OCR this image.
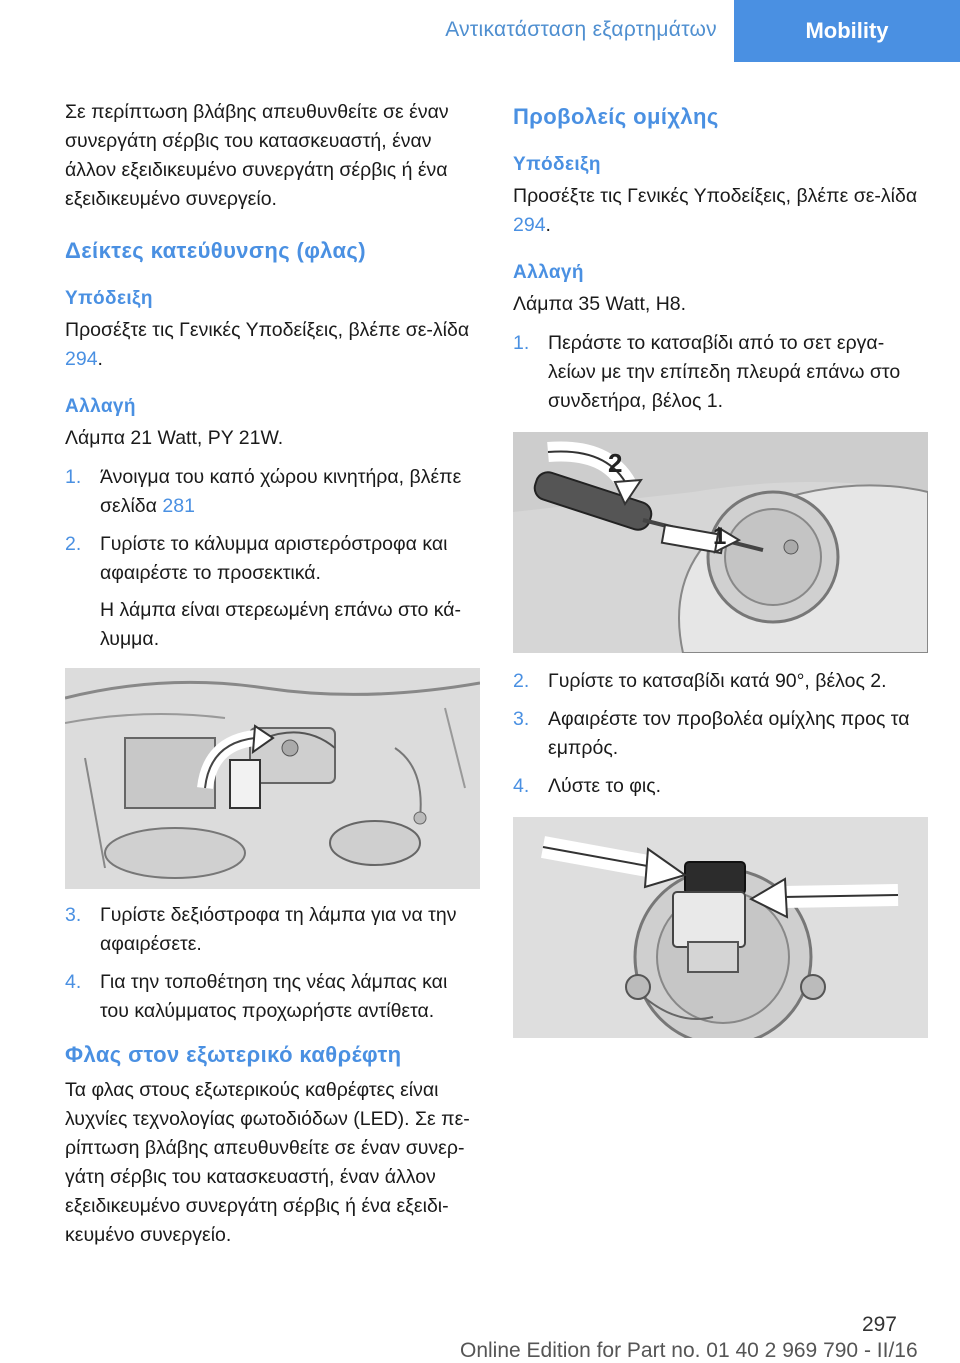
Αντικατάσταση εξαρτημάτων	Mobility

Σε περίπτωση βλάβης απευθυνθείτε σε έναν συνεργάτη σέρβις του κατασκευαστή, έναν άλλον εξειδικευμένο συνεργάτη σέρβις ή ένα εξειδικευμένο συνεργείο.

Δείκτες κατεύθυνσης (φλας)
Υπόδειξη

Προσέξτε τις Γενικές Υποδείξεις, βλέπε σε‐λίδα 294.

Αλλαγή

Λάμπα 21 Watt, PY 21W.

1. Άνοιγμα του καπό χώρου κινητήρα, βλέπε σελίδα 281
2. Γυρίστε το κάλυμμα αριστερόστροφα και αφαιρέστε το προσεκτικά.
Η λάμπα είναι στερεωμένη επάνω στο κά‐λυμμα.
3. Γυρίστε δεξιόστροφα τη λάμπα για να την αφαιρέσετε.
4. Για την τοποθέτηση της νέας λάμπας και του καλύμματος προχωρήστε αντίθετα.
Φλας στον εξωτερικό καθρέφτη

Τα φλας στους εξωτερικούς καθρέφτες είναι λυχνίες τεχνολογίας φωτοδιόδων (LED). Σε πε‐ρίπτωση βλάβης απευθυνθείτε σε έναν συνερ‐γάτη σέρβις του κατασκευαστή, έναν άλλον εξειδικευμένο συνεργάτη σέρβις ή ένα εξειδι‐κευμένο συνεργείο.

Προβολείς ομίχλης
Υπόδειξη

Προσέξτε τις Γενικές Υποδείξεις, βλέπε σε‐λίδα 294.

Αλλαγή

Λάμπα 35 Watt, H8.

1. Περάστε το κατσαβίδι από το σετ εργα‐λείων με την επίπεδη πλευρά επάνω στο συνδετήρα, βέλος 1.
2
1
2. Γυρίστε το κατσαβίδι κατά 90°, βέλος 2.
3. Αφαιρέστε τον προβολέα ομίχλης προς τα εμπρός.
4. Λύστε το φις.
Online Edition for Part no. 01 40 2 969 790 - II/16
297
